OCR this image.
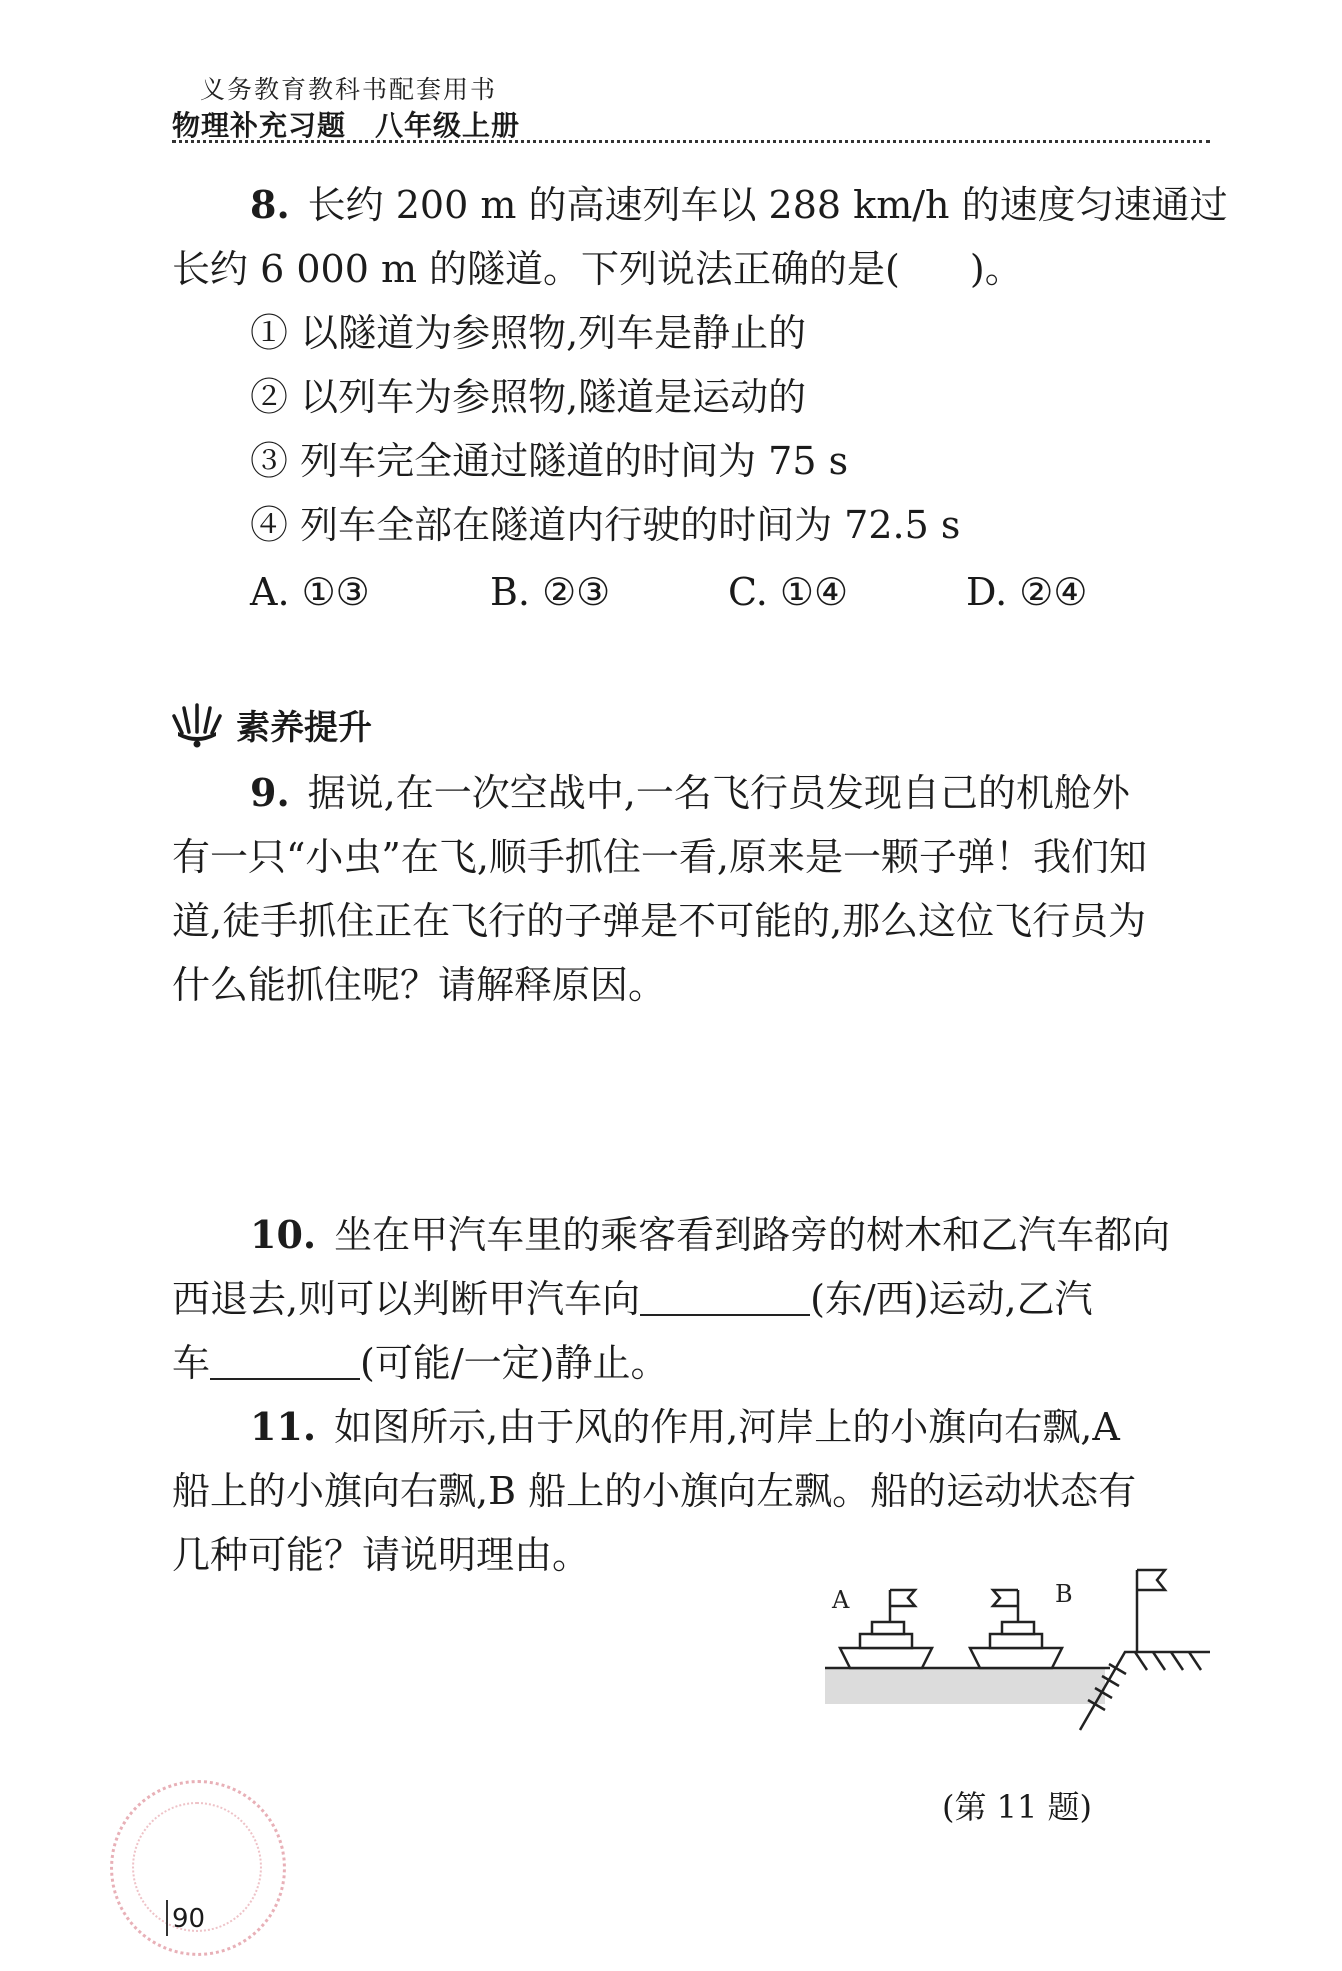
义务教育教科书配套用书
物理补充习题　八年级上册
8. 长约 200 m 的高速列车以 288 km/h 的速度匀速通过
长约 6 000 m 的隧道。下列说法正确的是( )。
① 以隧道为参照物,列车是静止的
② 以列车为参照物,隧道是运动的
③ 列车完全通过隧道的时间为 75 s
④ 列车全部在隧道内行驶的时间为 72.5 s
A. ①③	B. ②③	C. ①④	D. ②④
素养提升
9. 据说,在一次空战中,一名飞行员发现自己的机舱外
有一只“小虫”在飞,顺手抓住一看,原来是一颗子弹！我们知
道,徒手抓住正在飞行的子弹是不可能的,那么这位飞行员为
什么能抓住呢？请解释原因。
10. 坐在甲汽车里的乘客看到路旁的树木和乙汽车都向
西退去,则可以判断甲汽车向	(东/西)运动,乙汽
车	(可能/一定)静止。
11. 如图所示,由于风的作用,河岸上的小旗向右飘,A
船上的小旗向右飘,B 船上的小旗向左飘。船的运动状态有
几种可能？请说明理由。
A	B
(第 11 题)
90
